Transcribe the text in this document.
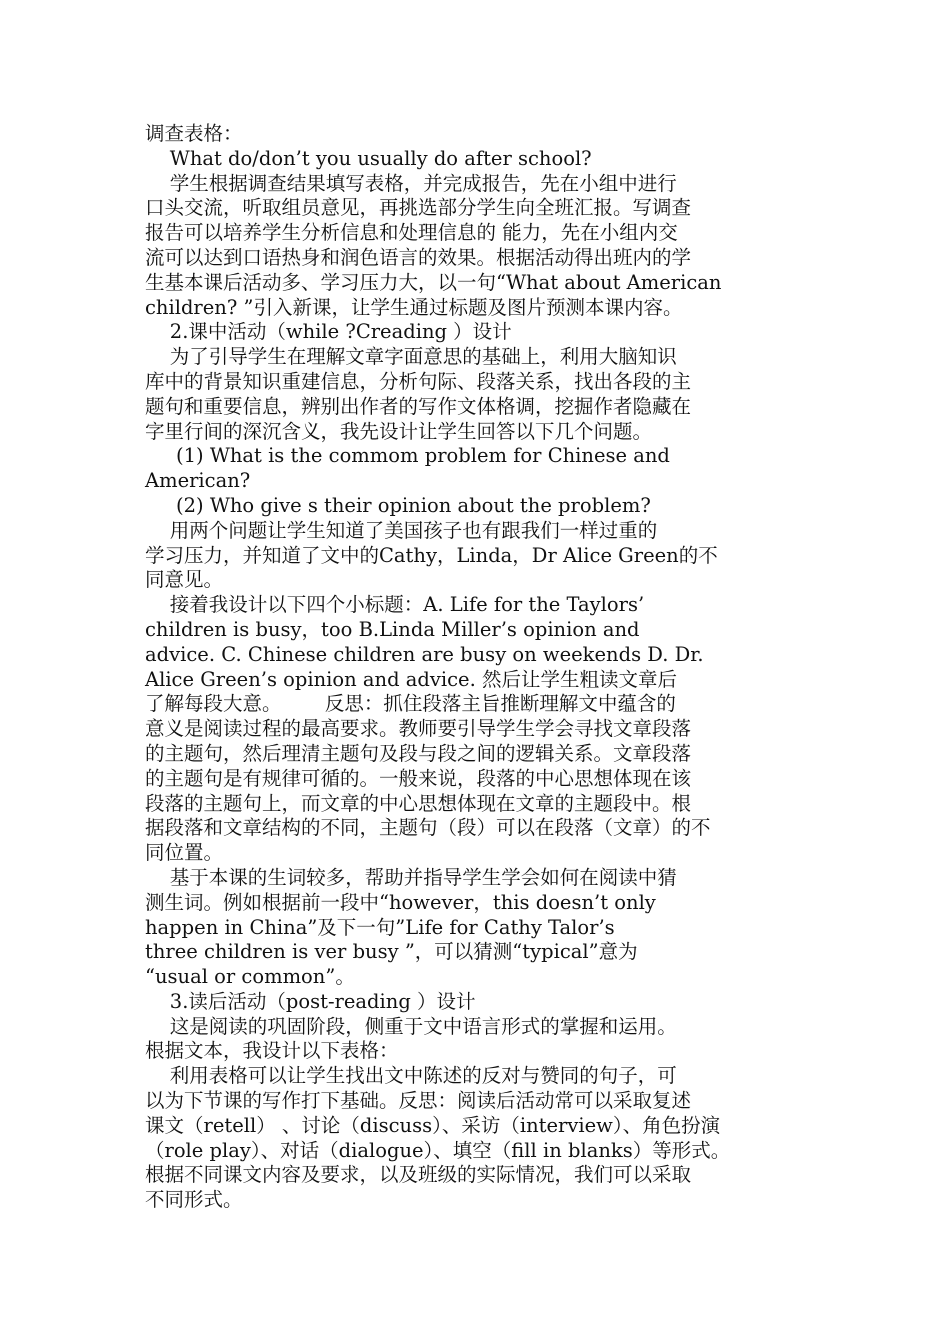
调查表格：
What do/don’t you usually do after school?
学生根据调查结果填写表格，并完成报告，先在小组中进行
口头交流，听取组员意见，再挑选部分学生向全班汇报。写调查
报告可以培养学生分析信息和处理信息的 能力，先在小组内交
流可以达到口语热身和润色语言的效果。根据活动得出班内的学
生基本课后活动多、学习压力大，以一句“What about American
children? ”引入新课，让学生通过标题及图片预测本课内容。
2.课中活动（while ?Creading ）设计
为了引导学生在理解文章字面意思的基础上，利用大脑知识
库中的背景知识重建信息，分析句际、段落关系，找出各段的主
题句和重要信息，辨别出作者的写作文体格调，挖掘作者隐藏在
字里行间的深沉含义，我先设计让学生回答以下几个问题。
(1) What is the commom problem for Chinese and
American?
(2) Who give s their opinion about the problem?
用两个问题让学生知道了美国孩子也有跟我们一样过重的
学习压力，并知道了文中的Cathy，Linda，Dr Alice Green的不
同意见。
接着我设计以下四个小标题：A. Life for the Taylors’
children is busy，too B.Linda Miller’s opinion and
advice. C. Chinese children are busy on weekends D. Dr.
Alice Green’s opinion and advice. 然后让学生粗读文章后
了解每段大意。       反思：抓住段落主旨推断理解文中蕴含的
意义是阅读过程的最高要求。教师要引导学生学会寻找文章段落
的主题句，然后理清主题句及段与段之间的逻辑关系。文章段落
的主题句是有规律可循的。一般来说，段落的中心思想体现在该
段落的主题句上，而文章的中心思想体现在文章的主题段中。根
据段落和文章结构的不同，主题句（段）可以在段落（文章）的不
同位置。
基于本课的生词较多，帮助并指导学生学会如何在阅读中猜
测生词。例如根据前一段中“however，this doesn’t only
happen in China”及下一句”Life for Cathy Talor’s
three children is ver busy ”，可以猜测“typical”意为
“usual or common”。
3.读后活动（post-reading ）设计
这是阅读的巩固阶段，侧重于文中语言形式的掌握和运用。
根据文本，我设计以下表格：
利用表格可以让学生找出文中陈述的反对与赞同的句子，可
以为下节课的写作打下基础。反思：阅读后活动常可以采取复述
课文（retell） 、讨论（discuss）、采访（interview）、角色扮演
（role play）、对话（dialogue）、填空（fill in blanks）等形式。
根据不同课文内容及要求，以及班级的实际情况，我们可以采取
不同形式。
